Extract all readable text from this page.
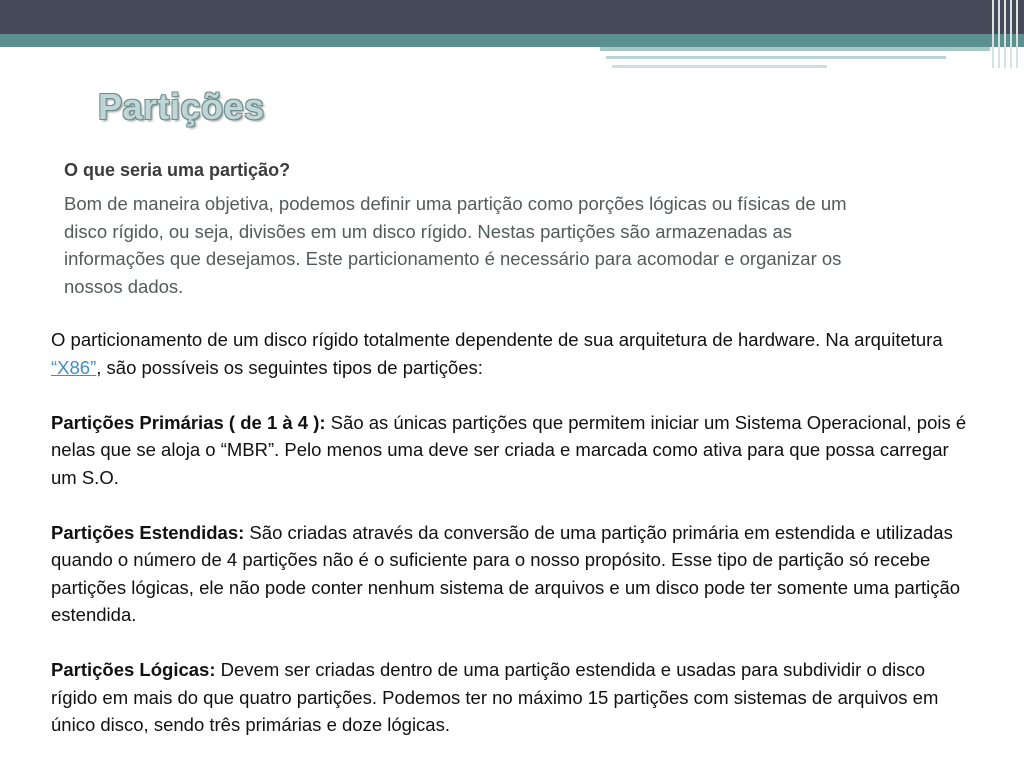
Partições
O que seria uma partição?
Bom de maneira objetiva, podemos definir uma partição como porções lógicas ou físicas de um disco rígido, ou seja, divisões em um disco rígido. Nestas partições são armazenadas as informações que desejamos. Este particionamento é necessário para acomodar e organizar os nossos dados.

O particionamento de um disco rígido totalmente dependente de sua arquitetura de hardware. Na arquitetura “X86”, são possíveis os seguintes tipos de partições:

Partições Primárias ( de 1 à 4 ): São as únicas partições que permitem iniciar um Sistema Operacional, pois é nelas que se aloja o “MBR”. Pelo menos uma deve ser criada e marcada como ativa para que possa carregar um S.O.

Partições Estendidas: São criadas através da conversão de uma partição primária em estendida e utilizadas quando o número de 4 partições não é o suficiente para o nosso propósito. Esse tipo de partição só recebe partições lógicas, ele não pode conter nenhum sistema de arquivos e um disco pode ter somente uma partição estendida.

Partições Lógicas: Devem ser criadas dentro de uma partição estendida e usadas para subdividir o disco rígido em mais do que quatro partições. Podemos ter no máximo 15 partições com sistemas de arquivos em único disco, sendo três primárias e doze lógicas.
